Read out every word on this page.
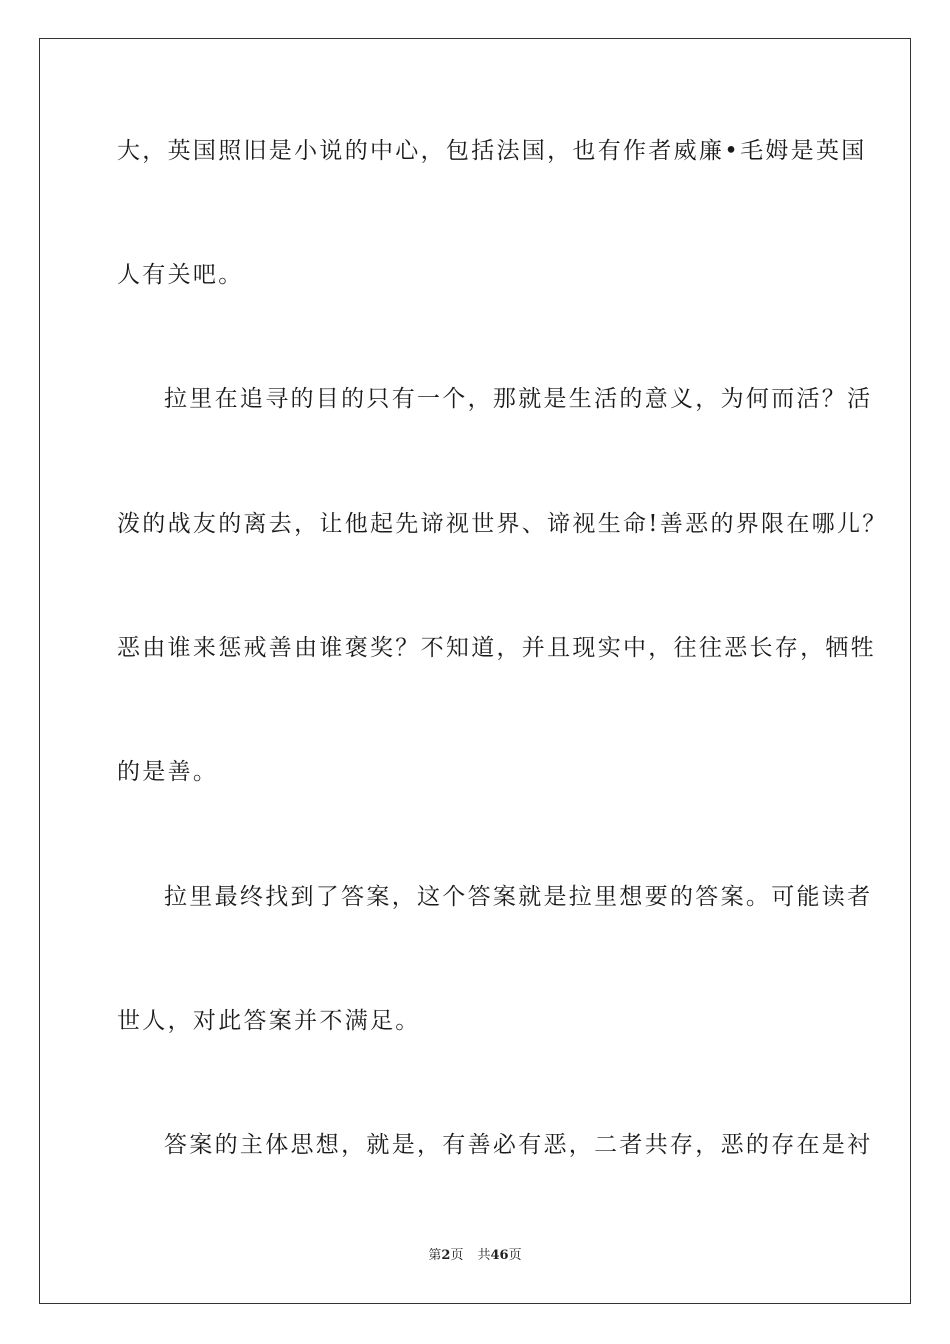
大，英国照旧是小说的中心，包括法国，也有作者威廉•毛姆是英国
人有关吧。
拉里在追寻的目的只有一个，那就是生活的意义，为何而活？活
泼的战友的离去，让他起先谛视世界、谛视生命!善恶的界限在哪儿？
恶由谁来惩戒善由谁褒奖？不知道，并且现实中，往往恶长存，牺牲
的是善。
拉里最终找到了答案，这个答案就是拉里想要的答案。可能读者
世人，对此答案并不满足。
答案的主体思想，就是，有善必有恶，二者共存，恶的存在是衬
第2页 共46页
